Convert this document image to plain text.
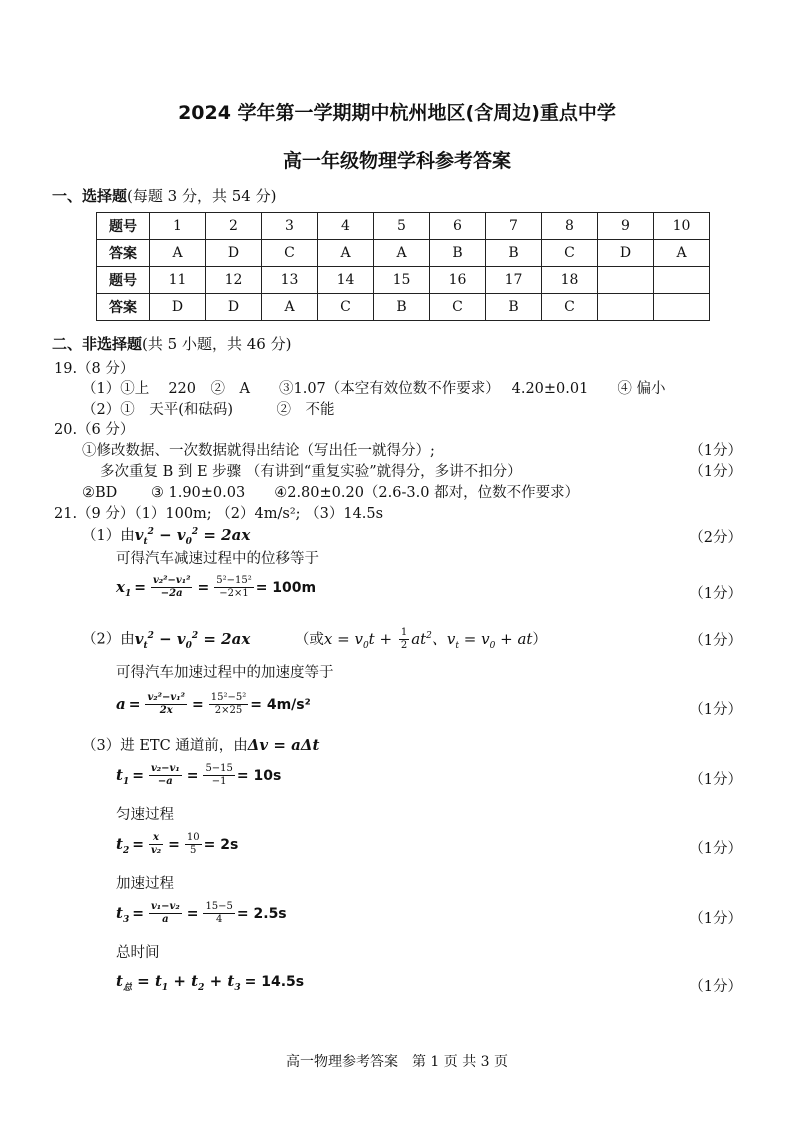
2024 学年第一学期期中杭州地区(含周边)重点中学
高一年级物理学科参考答案
一、选择题(每题 3 分，共 54 分)
题号	1	2	3	4	5	6	7	8	9	10
答案	A	D	C	A	A	B	B	C	D	A
题号	11	12	13	14	15	16	17	18		
答案	D	D	A	C	B	C	B	C		
二、非选择题(共 5 小题，共 46 分)
19.（8 分）
（1）①上　 220　②　A　　③1.07（本空有效位数不作要求）　 4.20±0.01　　④ 偏小
（2）①　天平(和砝码)　　　②　不能
20.（6 分）
①修改数据、一次数据就得出结论（写出任一就得分）;	（1分）
多次重复 B 到 E 步骤 （有讲到“重复实验”就得分，多讲不扣分）	（1分）
②BD　　 ③ 1.90±0.03　　④2.80±0.20（2.6-3.0 都对，位数不作要求）
21.（9 分）（1）100m; （2）4m/s²; （3）14.5s
（1）由$v_t^2 - v_0^2 = 2ax$	（2分）
可得汽车减速过程中的位移等于
$x_1 = \frac{\text{v₂²−v₁²}}{-2a} = \frac{\text{5²−15²}}{-2\times 1} = 100m$	（1分）
（2）由$v_t^2 - v_0^2 = 2ax$	（或$x = v_0t + \frac{1}{2} at^2$、$v_t = v_0 + at$）	（1分）
可得汽车加速过程中的加速度等于
$a = \frac{\text{v₂²−v₁²}}{2x} = \frac{\text{15²−5²}}{2\times 25} = 4m/s^2$	（1分）
（3）进 ETC 通道前，由Δv = aΔt
$t_1 = \frac{\text{v₂−v₁}}{-a} = \frac{5-15}{-1} = 10s$	（1分）
匀速过程
$t_2 = \frac{x}{\text{v₂}} = \frac{10}{5} = 2s$	（1分）
加速过程
$t_3 = \frac{\text{v₁−v₂}}{a} = \frac{15-5}{4} = 2.5s$	（1分）
总时间
$t_总 = t_1 + t_2 + t_3 = 14.5s$	（1分）
高一物理参考答案　第 1 页 共 3 页
